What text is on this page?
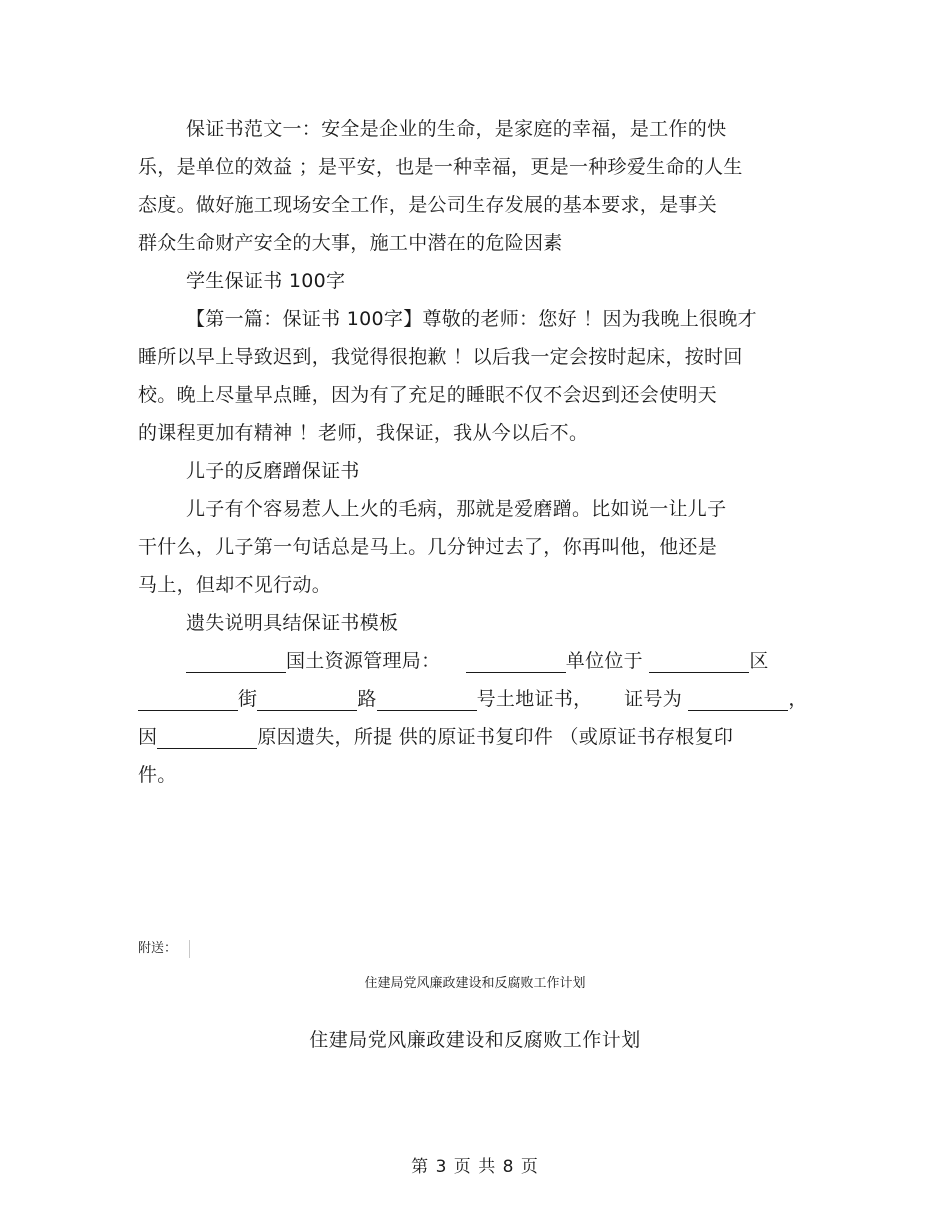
保证书范文一：安全是企业的生命，是家庭的幸福，是工作的快

乐，是单位的效益 ；是平安，也是一种幸福，更是一种珍爱生命的人生

态度。做好施工现场安全工作，是公司生存发展的基本要求，是事关

群众生命财产安全的大事，施工中潜在的危险因素

学生保证书 100字

【第一篇：保证书 100字】尊敬的老师：您好 ！因为我晚上很晚才

睡所以早上导致迟到，我觉得很抱歉 ！以后我一定会按时起床，按时回

校。晚上尽量早点睡，因为有了充足的睡眠不仅不会迟到还会使明天

的课程更加有精神 ！老师，我保证，我从今以后不。

儿子的反磨蹭保证书

儿子有个容易惹人上火的毛病，那就是爱磨蹭。比如说一让儿子

干什么，儿子第一句话总是马上。几分钟过去了，你再叫他，他还是

马上，但却不见行动。

遗失说明具结保证书模板

国土资源管理局：	单位位于	区

街	路	号土地证书， 证号为	，

因	原因遗失，所提 供的原证书复印件 （或原证书存根复印

件。

附送：
住建局党风廉政建设和反腐败工作计划
住建局党风廉政建设和反腐败工作计划
第 3 页 共 8 页
